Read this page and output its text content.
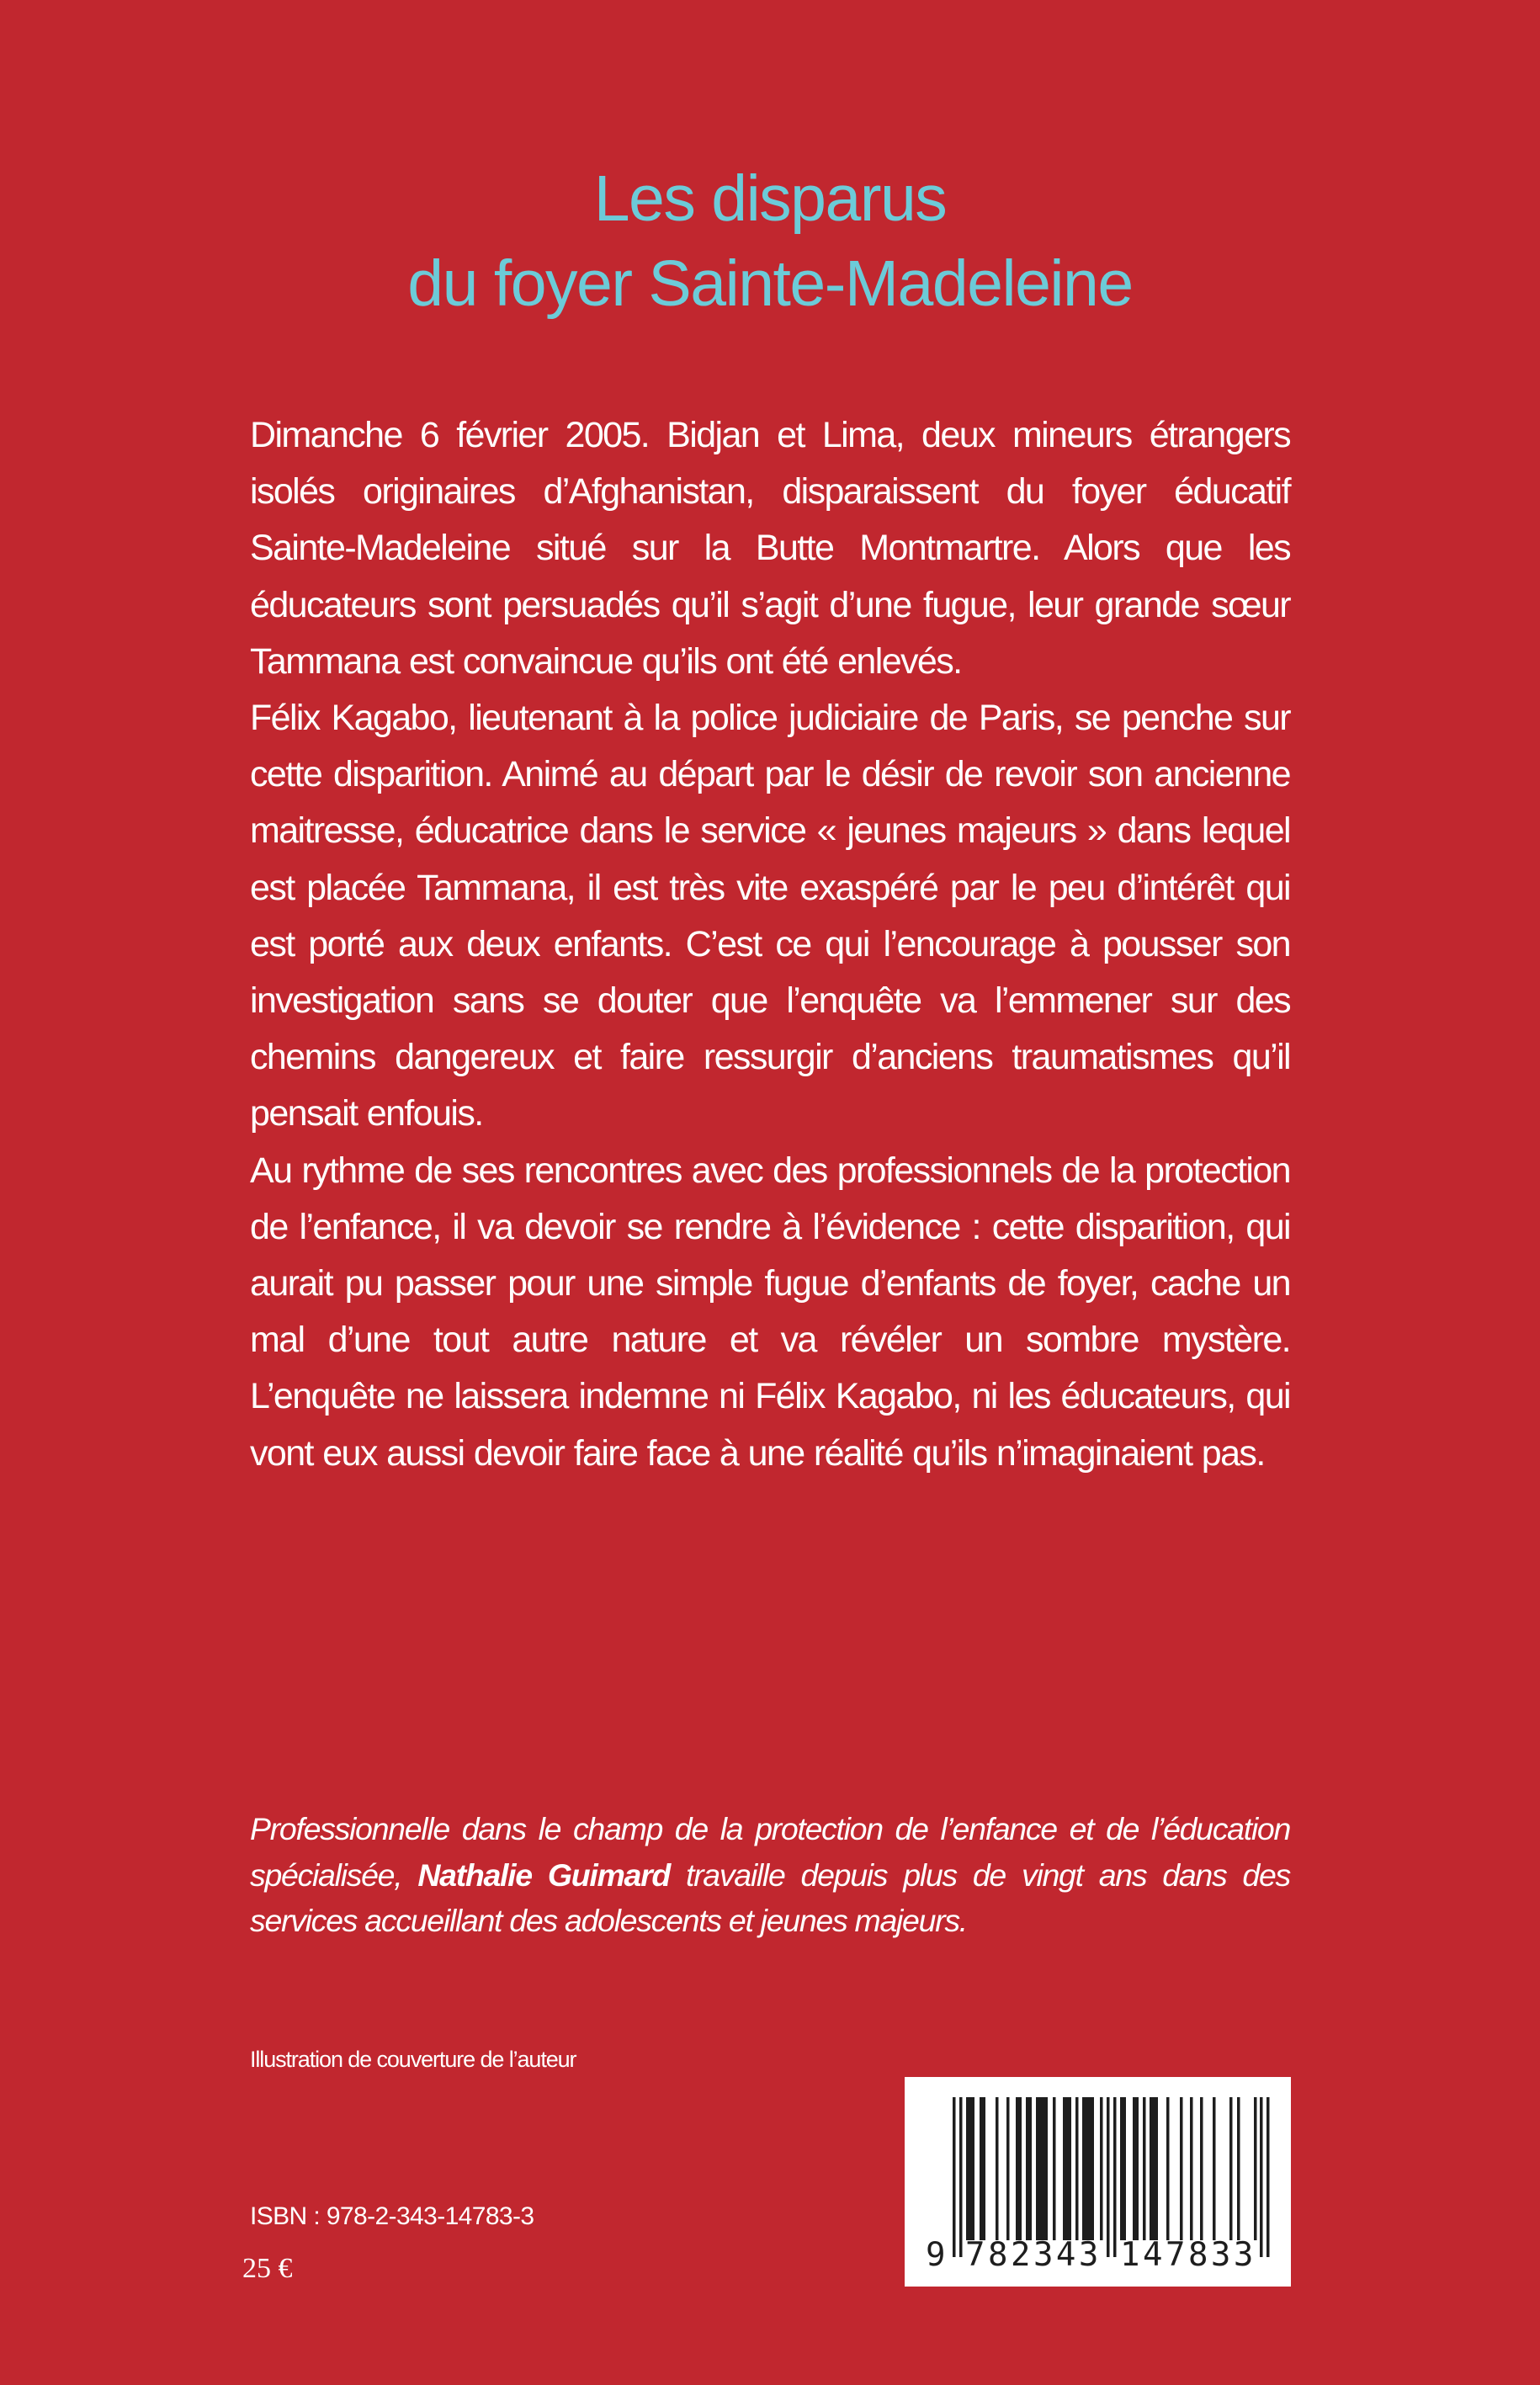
Les disparus
du foyer Sainte-Madeleine

Dimanche 6 février 2005. Bidjan et Lima, deux mineurs étrangers isolés originaires d’Afghanistan, disparaissent du foyer éducatif Sainte-Madeleine situé sur la Butte Montmartre. Alors que les éducateurs sont persuadés qu’il s’agit d’une fugue, leur grande sœur Tammana est convaincue qu’ils ont été enlevés.

Félix Kagabo, lieutenant à la police judiciaire de Paris, se penche sur cette disparition. Animé au départ par le désir de revoir son ancienne maitresse, éducatrice dans le service « jeunes majeurs » dans lequel est placée Tammana, il est très vite exaspéré par le peu d’intérêt qui est porté aux deux enfants. C’est ce qui l’encourage à pousser son investigation sans se douter que l’enquête va l’emmener sur des chemins dangereux et faire ressurgir d’anciens traumatismes qu’il pensait enfouis.

Au rythme de ses rencontres avec des professionnels de la protection de l’enfance, il va devoir se rendre à l’évidence : cette disparition, qui aurait pu passer pour une simple fugue d’enfants de foyer, cache un mal d’une tout autre nature et va révéler un sombre mystère. L’enquête ne laissera indemne ni Félix Kagabo, ni les éducateurs, qui vont eux aussi devoir faire face à une réalité qu’ils n’imaginaient pas.

Professionnelle dans le champ de la protection de l’enfance et de l’éducation spécialisée, Nathalie Guimard travaille depuis plus de vingt ans dans des services accueillant des adolescents et jeunes majeurs.
Illustration de couverture de l’auteur
ISBN : 978-2-343-14783-3
25 €	9 782343 147833
